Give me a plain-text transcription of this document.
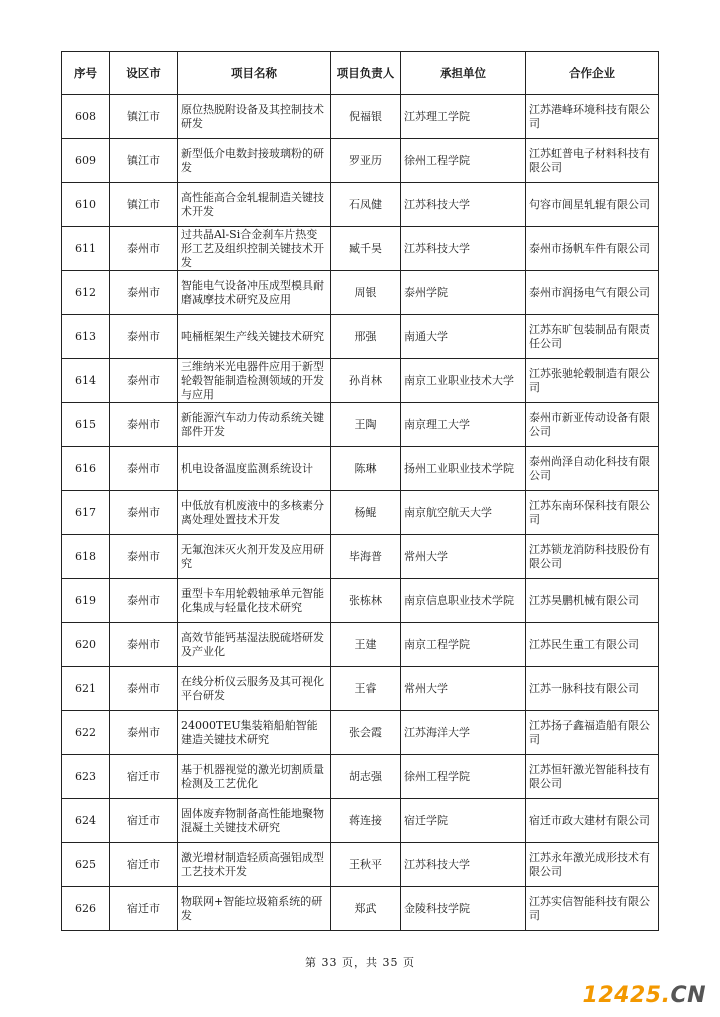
序号	设区市	项目名称	项目负责人	承担单位	合作企业
608	镇江市	原位热脱附设备及其控制技术研发	倪福银	江苏理工学院	江苏港峰环境科技有限公司
609	镇江市	新型低介电数封接玻璃粉的研发	罗亚历	徐州工程学院	江苏虹普电子材料科技有限公司
610	镇江市	高性能高合金轧辊制造关键技术开发	石凤健	江苏科技大学	句容市阊星轧辊有限公司
611	泰州市	过共晶Al-Si合金刹车片热变形工艺及组织控制关键技术开发	臧千昊	江苏科技大学	泰州市扬帆车件有限公司
612	泰州市	智能电气设备冲压成型模具耐磨减摩技术研究及应用	周银	泰州学院	泰州市润扬电气有限公司
613	泰州市	吨桶框架生产线关键技术研究	邢强	南通大学	江苏东旷包装制品有限责任公司
614	泰州市	三维纳米光电器件应用于新型轮毂智能制造检测领域的开发与应用	孙肖林	南京工业职业技术大学	江苏张驰轮毂制造有限公司
615	泰州市	新能源汽车动力传动系统关键部件开发	王陶	南京理工大学	泰州市新亚传动设备有限公司
616	泰州市	机电设备温度监测系统设计	陈琳	扬州工业职业技术学院	泰州尚泽自动化科技有限公司
617	泰州市	中低放有机废液中的多核素分离处理处置技术开发	杨鲲	南京航空航天大学	江苏东南环保科技有限公司
618	泰州市	无氟泡沫灭火剂开发及应用研究	毕海普	常州大学	江苏锁龙消防科技股份有限公司
619	泰州市	重型卡车用轮毂轴承单元智能化集成与轻量化技术研究	张栋林	南京信息职业技术学院	江苏昊鹏机械有限公司
620	泰州市	高效节能钙基湿法脱硫塔研发及产业化	王建	南京工程学院	江苏民生重工有限公司
621	泰州市	在线分析仪云服务及其可视化平台研发	王睿	常州大学	江苏一脉科技有限公司
622	泰州市	24000TEU集装箱船舶智能建造关键技术研究	张会霞	江苏海洋大学	江苏扬子鑫福造船有限公司
623	宿迁市	基于机器视觉的激光切割质量检测及工艺优化	胡志强	徐州工程学院	江苏恒轩激光智能科技有限公司
624	宿迁市	固体废弃物制备高性能地聚物混凝土关键技术研究	蒋连接	宿迁学院	宿迁市政大建材有限公司
625	宿迁市	激光增材制造轻质高强铝成型工艺技术开发	王秋平	江苏科技大学	江苏永年激光成形技术有限公司
626	宿迁市	物联网+智能垃圾箱系统的研发	郑武	金陵科技学院	江苏实信智能科技有限公司
第 33 页，共 35 页
12425.CN
